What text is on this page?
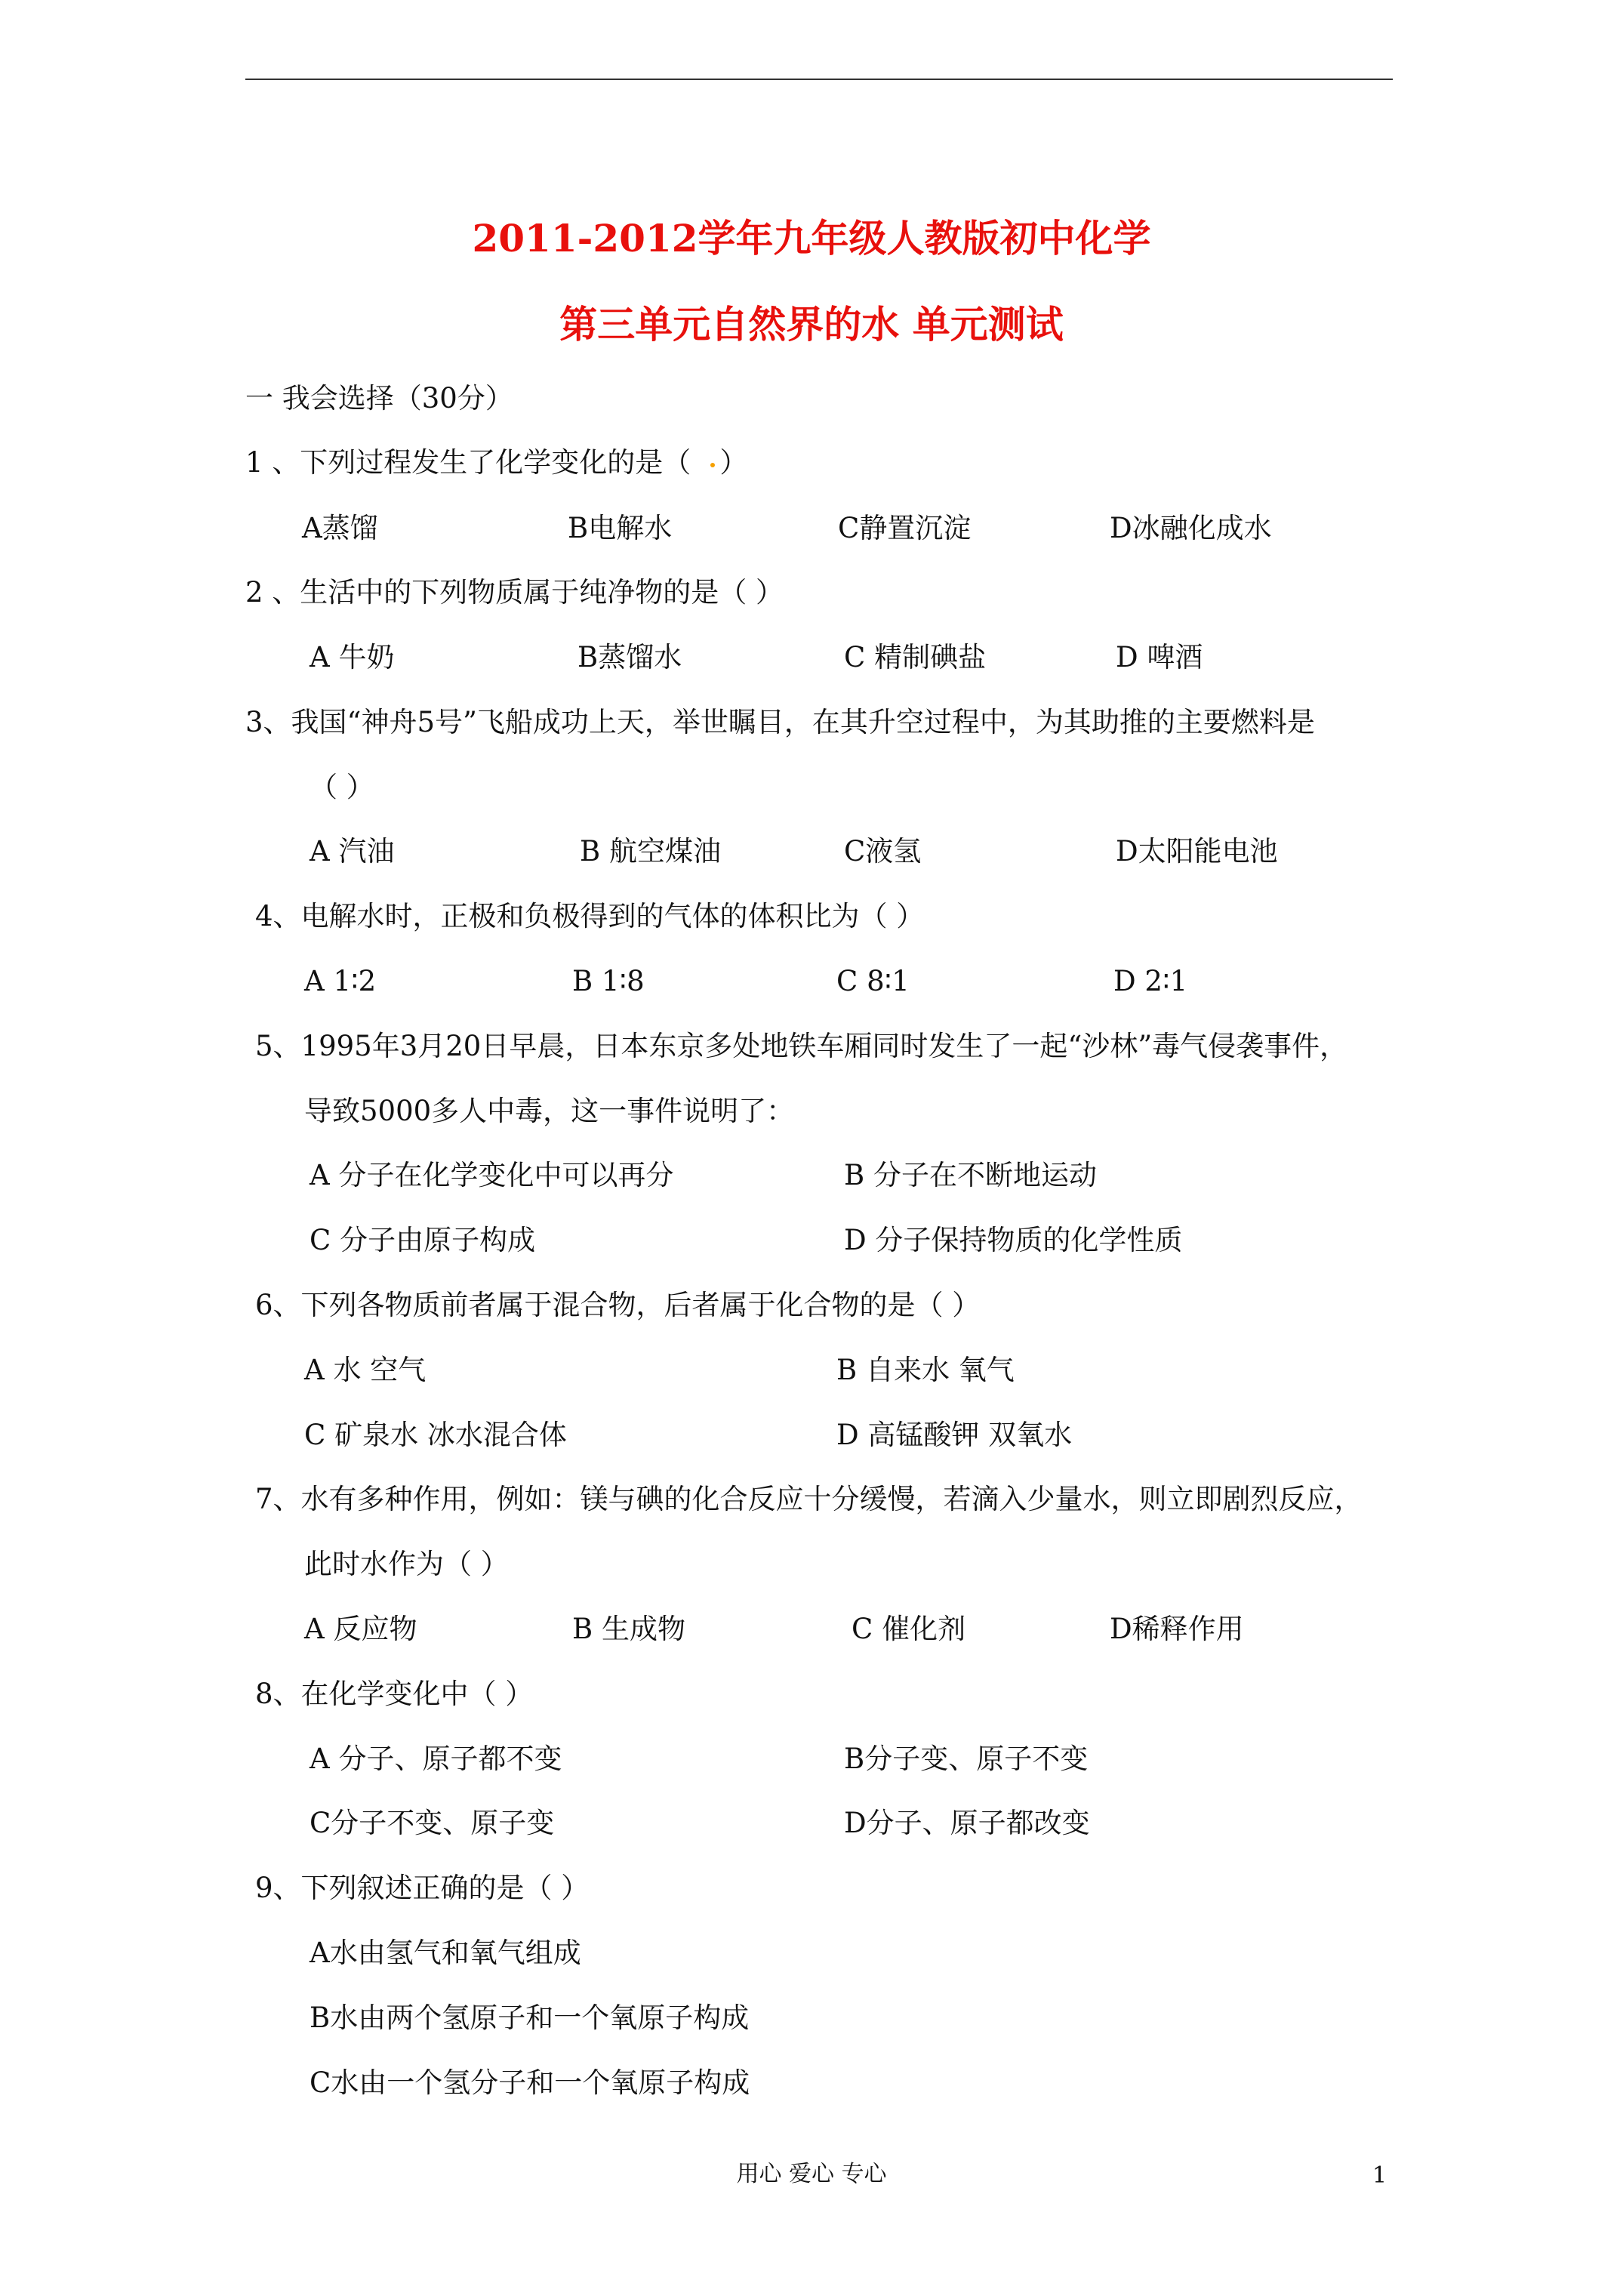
2011-2012学年九年级人教版初中化学
第三单元自然界的水 单元测试
一 我会选择（30分）
1 、下列过程发生了化学变化的是（ ）
A蒸馏	B电解水	C静置沉淀	D冰融化成水
2 、生活中的下列物质属于纯净物的是（ ）
A 牛奶	B蒸馏水	C 精制碘盐	D 啤酒
3、我国“神舟5号”飞船成功上天，举世瞩目，在其升空过程中，为其助推的主要燃料是
（ ）
A 汽油	B 航空煤油	C液氢	D太阳能电池
4、电解水时，正极和负极得到的气体的体积比为（ ）
A 1∶2	B 1∶8	C 8∶1	D 2∶1
5、1995年3月20日早晨，日本东京多处地铁车厢同时发生了一起“沙林”毒气侵袭事件，
导致5000多人中毒，这一事件说明了：
A 分子在化学变化中可以再分	B 分子在不断地运动
C 分子由原子构成	D 分子保持物质的化学性质
6、下列各物质前者属于混合物，后者属于化合物的是（ ）
A 水 空气	B 自来水 氧气
C 矿泉水 冰水混合体	D 高锰酸钾 双氧水
7、水有多种作用，例如：镁与碘的化合反应十分缓慢，若滴入少量水，则立即剧烈反应，
此时水作为（ ）
A 反应物	B 生成物	C 催化剂	D稀释作用
8、在化学变化中（ ）
A 分子、原子都不变	B分子变、原子不变
C分子不变、原子变	D分子、原子都改变
9、下列叙述正确的是（ ）
A水由氢气和氧气组成
B水由两个氢原子和一个氧原子构成
C水由一个氢分子和一个氧原子构成
用心 爱心 专心	1
